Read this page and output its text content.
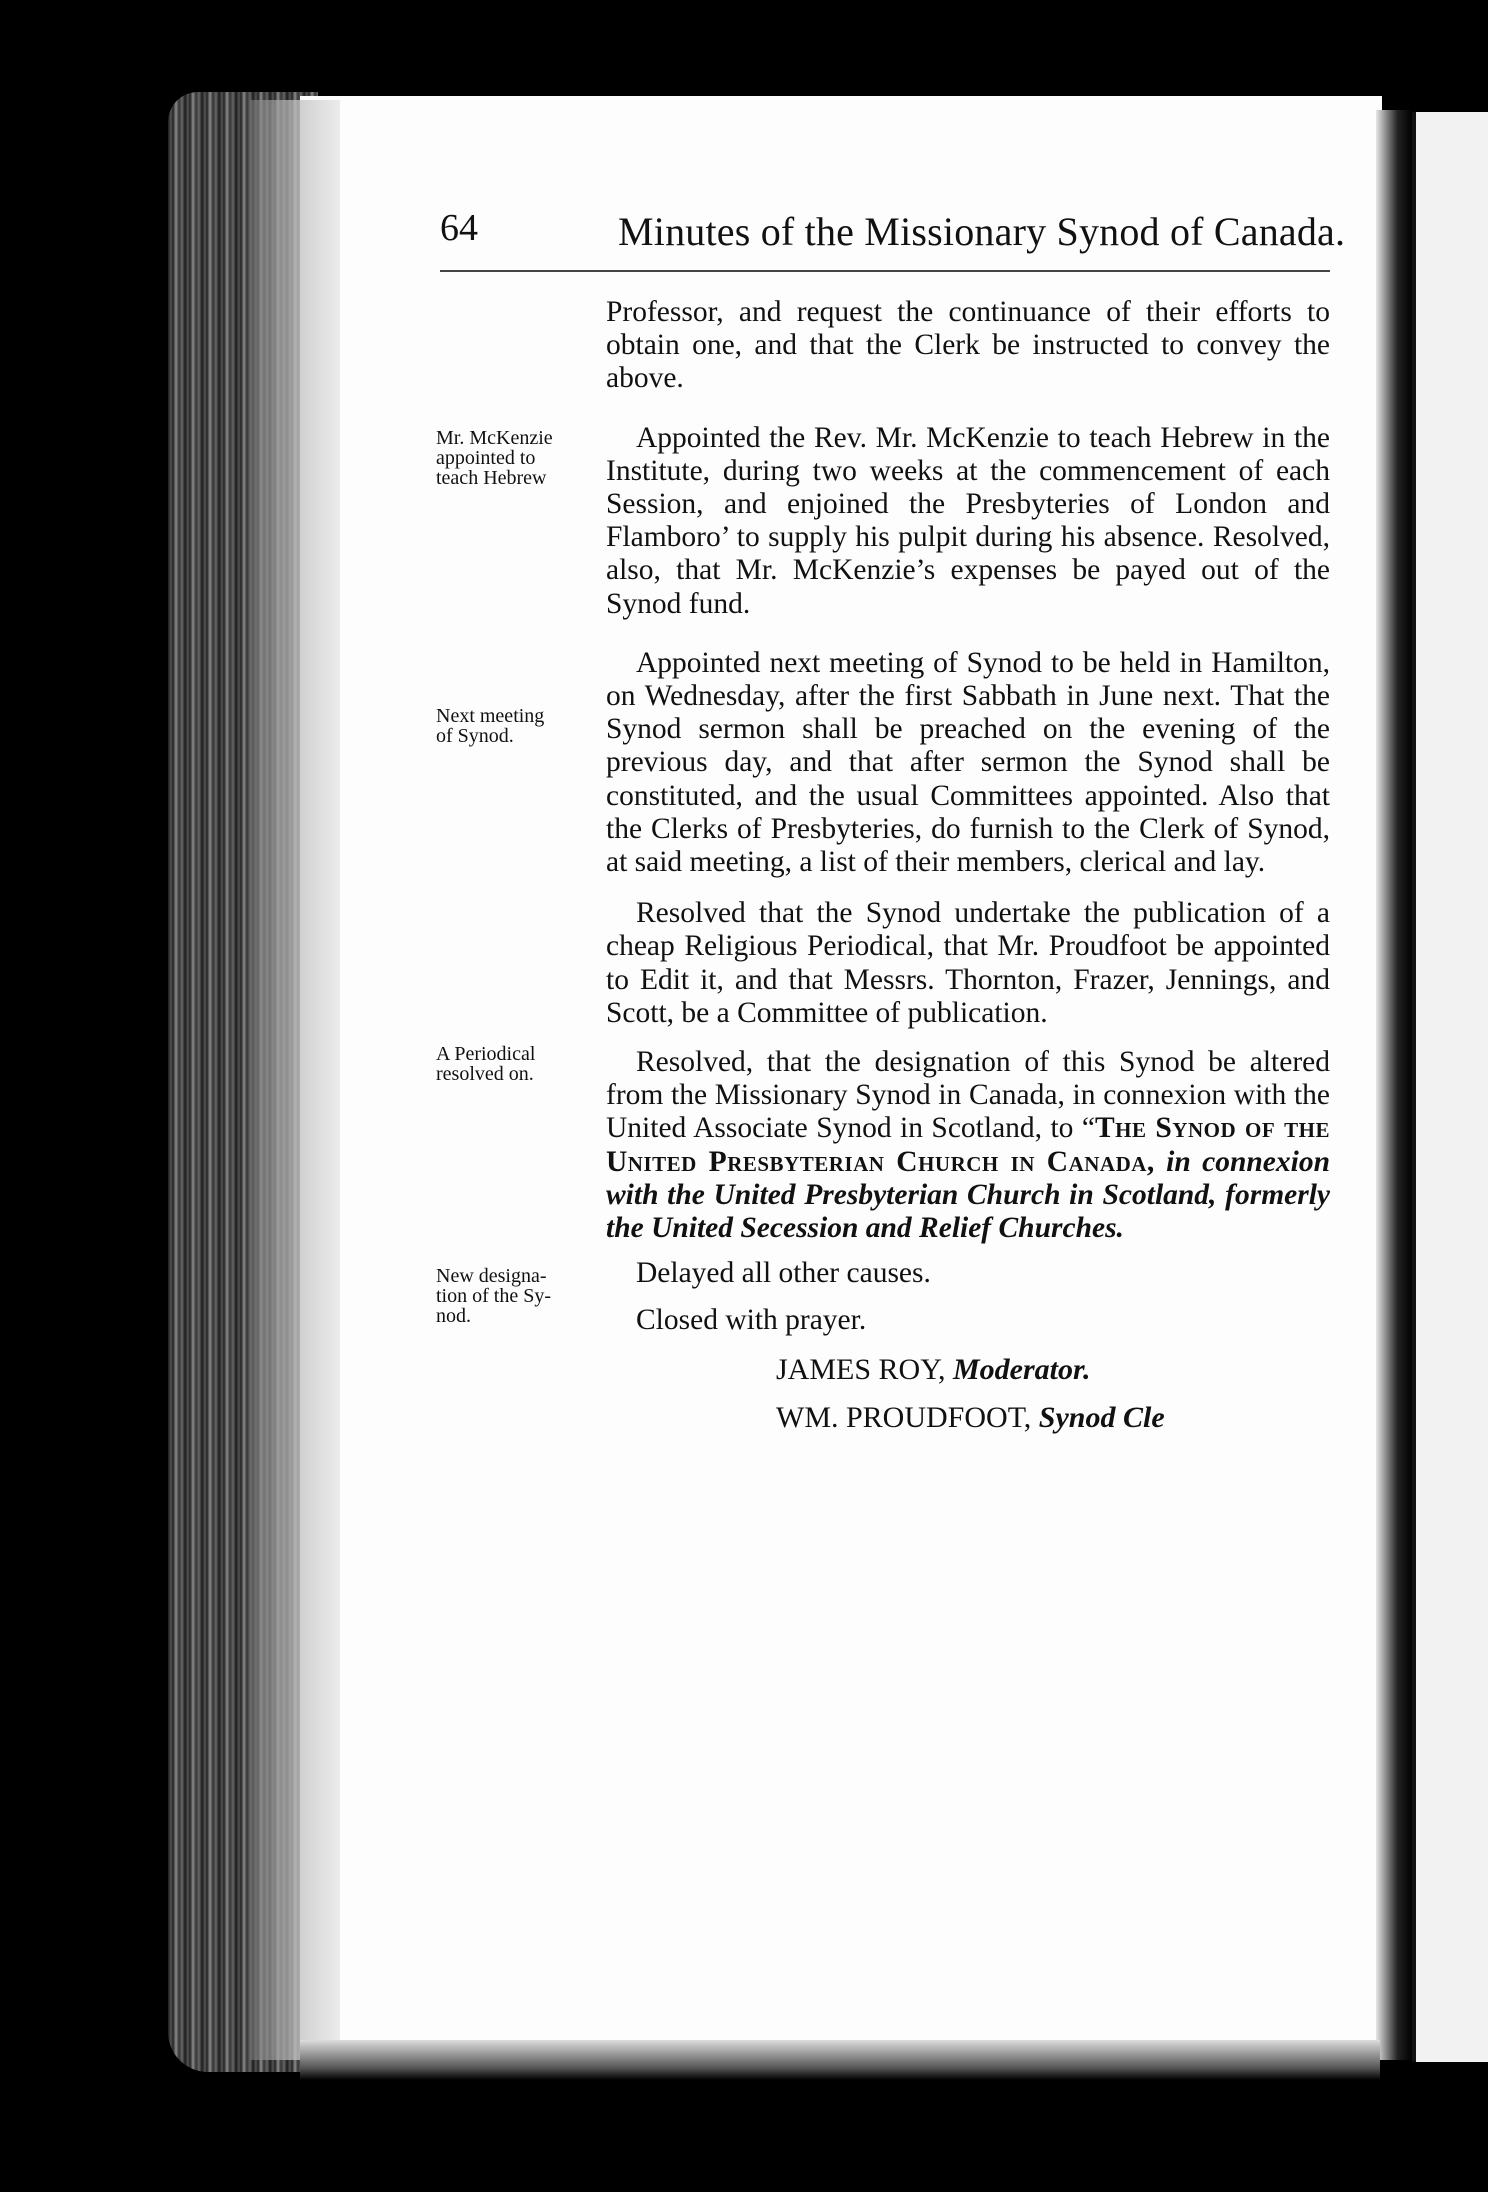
64	Minutes of the Missionary Synod of Canada.
Mr. McKenzie
appointed to
teach Hebrew
Next meeting
of Synod.
A Periodical
resolved on.
New designa-
tion of the Sy-
nod.

Professor, and request the continuance of their efforts to obtain one, and that the Clerk be instructed to convey the above.

Appointed the Rev. Mr. McKenzie to teach Hebrew in the Institute, during two weeks at the commencement of each Session, and enjoined the Presbyteries of London and Flamboro’ to supply his pulpit during his absence. Resolved, also, that Mr. McKenzie’s expenses be payed out of the Synod fund.

Appointed next meeting of Synod to be held in Hamilton, on Wednesday, after the first Sabbath in June next. That the Synod sermon shall be preached on the evening of the previous day, and that after sermon the Synod shall be constituted, and the usual Committees appointed. Also that the Clerks of Presbyteries, do furnish to the Clerk of Synod, at said meeting, a list of their members, clerical and lay.

Resolved that the Synod undertake the publication of a cheap Religious Periodical, that Mr. Proudfoot be appointed to Edit it, and that Messrs. Thornton, Frazer, Jennings, and Scott, be a Committee of publication.

Resolved, that the designation of this Synod be altered from the Missionary Synod in Canada, in connexion with the United Associate Synod in Scotland, to “The Synod of the United Presbyterian Church in Canada, in connexion with the United Presbyterian Church in Scotland, formerly the United Secession and Relief Churches.

Delayed all other causes.

Closed with prayer.

JAMES ROY, Moderator.

WM. PROUDFOOT, Synod Cle
